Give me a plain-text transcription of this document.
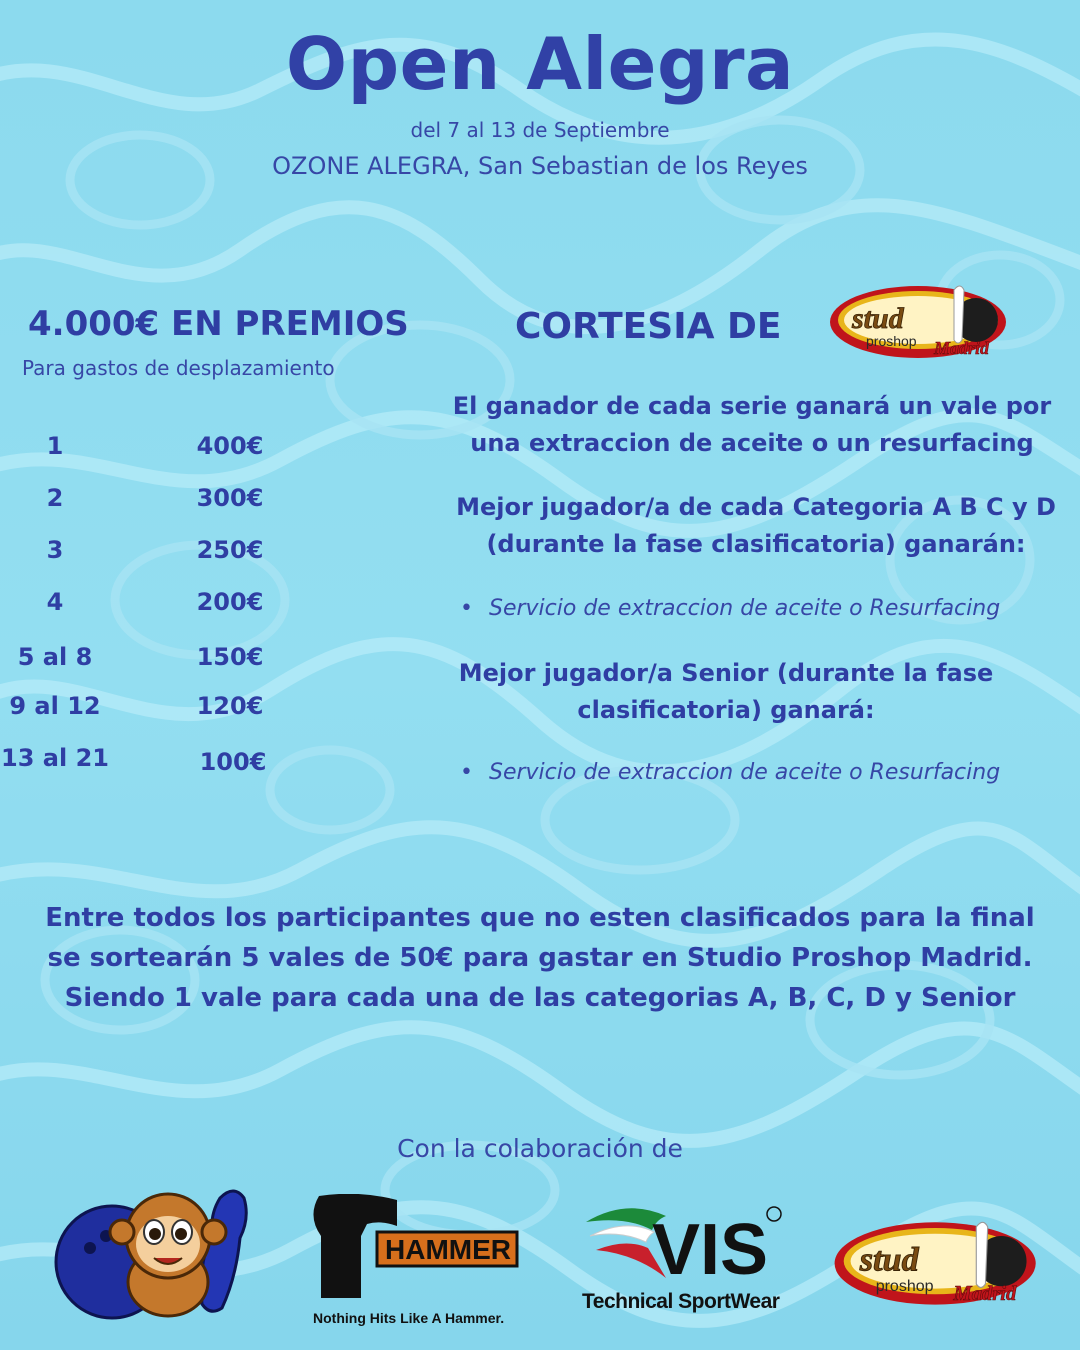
Open Alegra
del 7 al 13 de Septiembre
OZONE ALEGRA, San Sebastian de los Reyes
4.000€ EN PREMIOS
Para gastos de desplazamiento
1	400€
2	300€
3	250€
4	200€
5 al 8	150€
9 al 12	120€
13 al 21	100€
CORTESIA DE stud
proshop Madrid
El ganador de cada serie ganará un vale por una extraccion de aceite o un resurfacing
Mejor jugador/a de cada Categoria A B C y D (durante la fase clasificatoria) ganarán:
• Servicio de extraccion de aceite o Resurfacing
Mejor jugador/a Senior (durante la fase clasificatoria) ganará:
• Servicio de extraccion de aceite o Resurfacing
Entre todos los participantes que no esten clasificados para la final
se sortearán 5 vales de 50€ para gastar en Studio Proshop Madrid.
Siendo 1 vale para cada una de las categorias A, B, C, D y Senior
Con la colaboración de
HAMMER
Nothing Hits Like A Hammer.
VIS
Technical SportWear
stud
proshop Madrid
